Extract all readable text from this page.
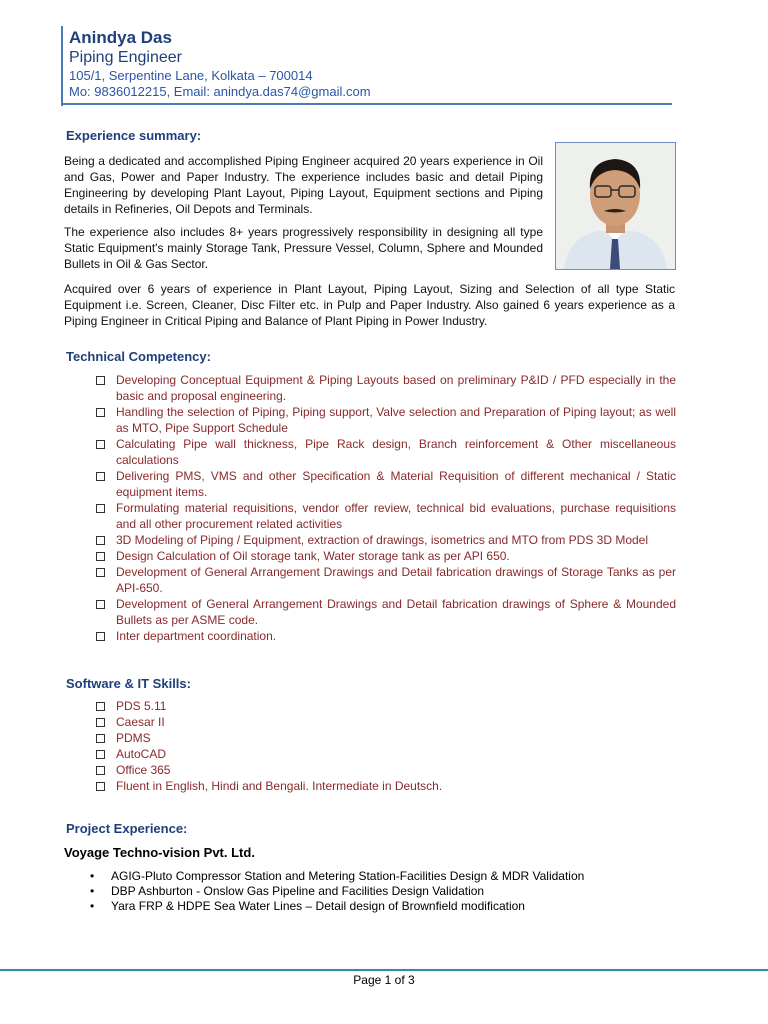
Anindya Das
Piping Engineer
105/1, Serpentine Lane, Kolkata – 700014
Mo: 9836012215, Email: anindya.das74@gmail.com
Experience summary:

Being a dedicated and accomplished Piping Engineer acquired 20 years experience in Oil and Gas, Power and Paper Industry. The experience includes basic and detail Piping Engineering by developing Plant Layout, Piping Layout, Equipment sections and Piping details in Refineries, Oil Depots and Terminals.

The experience also includes 8+ years progressively responsibility in designing all type Static Equipment's mainly Storage Tank, Pressure Vessel, Column, Sphere and Mounded Bullets in Oil & Gas Sector.

Acquired over 6 years of experience in Plant Layout, Piping Layout, Sizing and Selection of all type Static Equipment i.e. Screen, Cleaner, Disc Filter etc. in Pulp and Paper Industry. Also gained 6 years experience as a Piping Engineer in Critical Piping and Balance of Plant Piping in Power Industry.

Technical Competency:
Developing Conceptual Equipment & Piping Layouts based on preliminary P&ID / PFD especially in the basic and proposal engineering.
Handling the selection of Piping, Piping support, Valve selection and Preparation of Piping layout; as well as MTO, Pipe Support Schedule
Calculating Pipe wall thickness, Pipe Rack design, Branch reinforcement & Other miscellaneous calculations
Delivering PMS, VMS and other Specification & Material Requisition of different mechanical / Static equipment items.
Formulating material requisitions, vendor offer review, technical bid evaluations, purchase requisitions and all other procurement related activities
3D Modeling of Piping / Equipment, extraction of drawings, isometrics and MTO from PDS 3D Model
Design Calculation of Oil storage tank, Water storage tank as per API 650.
Development of General Arrangement Drawings and Detail fabrication drawings of Storage Tanks as per API-650.
Development of General Arrangement Drawings and Detail fabrication drawings of Sphere & Mounded Bullets as per ASME code.
Inter department coordination.
Software & IT Skills:
PDS 5.11
Caesar II
PDMS
AutoCAD
Office 365
Fluent in English, Hindi and Bengali. Intermediate in Deutsch.
Project Experience:
Voyage Techno-vision Pvt. Ltd.
• AGIG-Pluto Compressor Station and Metering Station-Facilities Design & MDR Validation
• DBP Ashburton - Onslow Gas Pipeline and Facilities Design Validation
• Yara FRP & HDPE Sea Water Lines – Detail design of Brownfield modification
Page 1 of 3
